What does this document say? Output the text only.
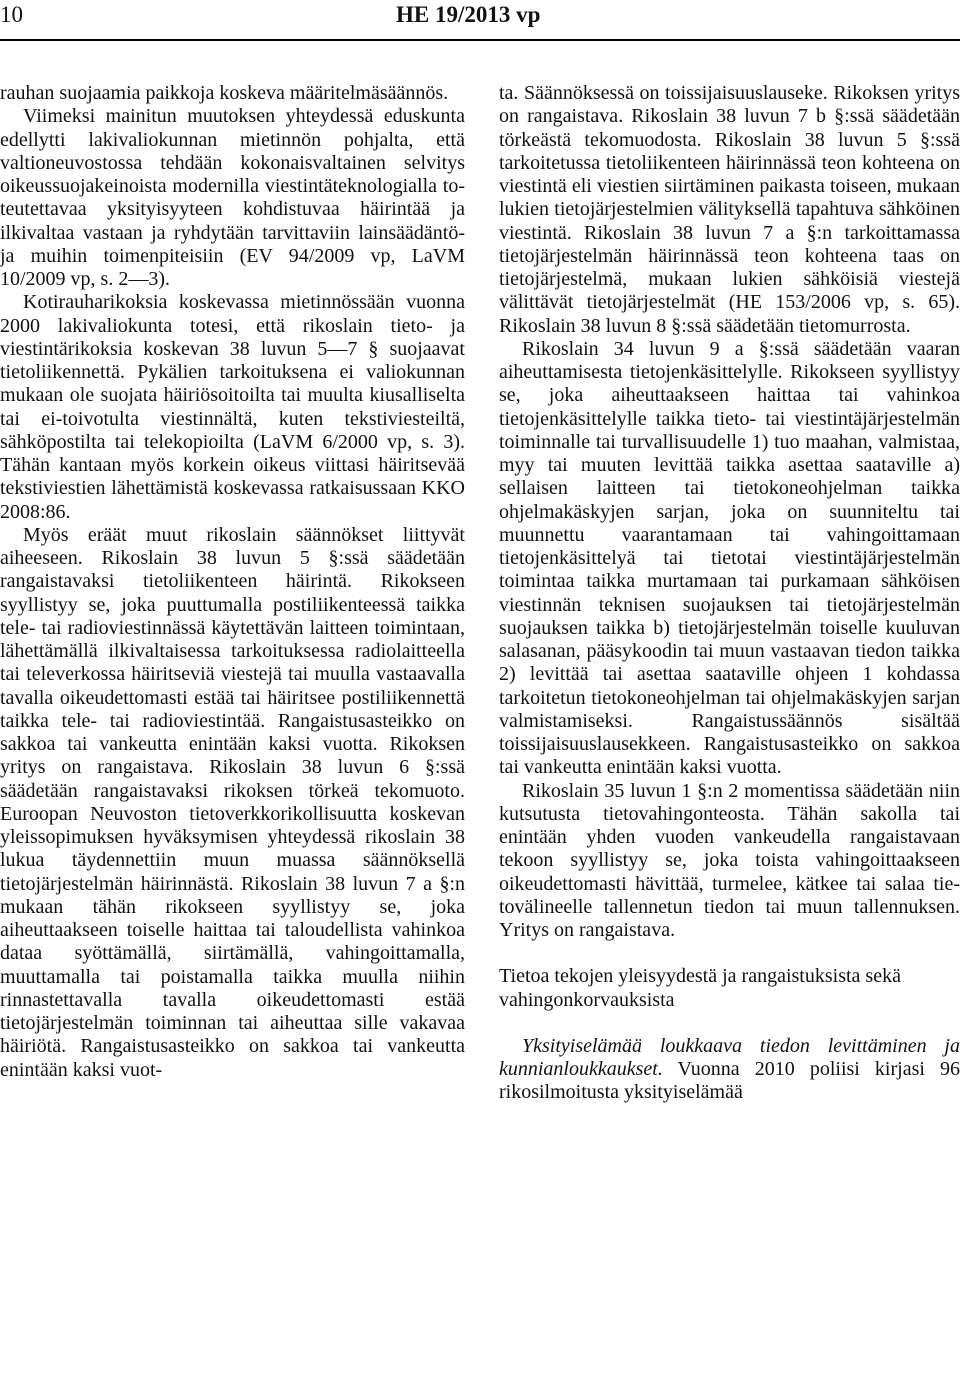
10	HE 19/2013 vp

rauhan suojaamia paikkoja koskeva määritelmäsäännös.

Viimeksi mainitun muutoksen yhteydessä eduskunta edellytti lakivaliokunnan mietinnön pohjalta, että valtioneuvostossa tehdään kokonaisvaltainen selvitys oikeussuojakeinoista modernilla viestintäteknologialla toteutettavaa yksityisyyteen kohdistuvaa häirintää ja ilkivaltaa vastaan ja ryhdytään tarvittaviin lainsäädäntö- ja muihin toimenpiteisiin (EV 94/2009 vp, LaVM 10/2009 vp, s. 2—3).

Kotirauharikoksia koskevassa mietinnössään vuonna 2000 lakivaliokunta totesi, että rikoslain tieto- ja viestintärikoksia koskevan 38 luvun 5—7 § suojaavat tietoliikennettä. Pykälien tarkoituksena ei valiokunnan mukaan ole suojata häiriösoitoilta tai muulta kiusalliselta tai ei-toivotulta viestinnältä, kuten tekstiviesteiltä, sähköpostilta tai telekopioilta (LaVM 6/2000 vp, s. 3). Tähän kantaan myös korkein oikeus viittasi häiritsevää tekstiviestien lähettämistä koskevassa ratkaisussaan KKO 2008:86.

Myös eräät muut rikoslain säännökset liittyvät aiheeseen. Rikoslain 38 luvun 5 §:ssä säädetään rangaistavaksi tietoliikenteen häirintä. Rikokseen syyllistyy se, joka puuttumalla postiliikenteessä taikka tele- tai radioviestinnässä käytettävän laitteen toimintaan, lähettämällä ilkivaltaisessa tarkoituksessa radiolaitteella tai televerkossa häiritseviä viestejä tai muulla vastaavalla tavalla oikeudettomasti estää tai häiritsee postiliikennettä taikka tele- tai radioviestintää. Rangaistusasteikko on sakkoa tai vankeutta enintään kaksi vuotta. Rikoksen yritys on rangaistava. Rikoslain 38 luvun 6 §:ssä säädetään rangaistavaksi rikoksen törkeä tekomuoto. Euroopan Neuvoston tietoverkkorikollisuutta koskevan yleissopimuksen hyväksymisen yhteydessä rikoslain 38 lukua täydennettiin muun muassa säännöksellä tietojärjestelmän häirinnästä. Rikoslain 38 luvun 7 a §:n mukaan tähän rikokseen syyllistyy se, joka aiheuttaakseen toiselle haittaa tai taloudellista vahinkoa dataa syöttämällä, siirtämällä, vahingoittamalla, muuttamalla tai poistamalla taikka muulla niihin rinnastettavalla tavalla oikeudettomasti estää tietojärjestelmän toiminnan tai aiheuttaa sille vakavaa häiriötä. Rangaistusasteikko on sakkoa tai vankeutta enintään kaksi vuot-

ta. Säännöksessä on toissijaisuuslauseke. Rikoksen yritys on rangaistava. Rikoslain 38 luvun 7 b §:ssä säädetään törkeästä tekomuodosta. Rikoslain 38 luvun 5 §:ssä tarkoitetussa tietoliikenteen häirinnässä teon kohteena on viestintä eli viestien siirtäminen paikasta toiseen, mukaan lukien tietojärjestelmien välityksellä tapahtuva sähköinen viestintä. Rikoslain 38 luvun 7 a §:n tarkoittamassa tietojärjestelmän häirinnässä teon kohteena taas on tietojärjestelmä, mukaan lukien sähköisiä viestejä välittävät tietojärjestelmät (HE 153/2006 vp, s. 65). Rikoslain 38 luvun 8 §:ssä säädetään tietomurrosta.

Rikoslain 34 luvun 9 a §:ssä säädetään vaaran aiheuttamisesta tietojenkäsittelylle. Rikokseen syyllistyy se, joka aiheuttaakseen haittaa tai vahinkoa tietojenkäsittelylle taikka tieto- tai viestintäjärjestelmän toiminnalle tai turvallisuudelle 1) tuo maahan, valmistaa, myy tai muuten levittää taikka asettaa saataville a) sellaisen laitteen tai tietokoneohjelman taikka ohjelmakäskyjen sarjan, joka on suunniteltu tai muunnettu vaarantamaan tai vahingoittamaan tietojenkäsittelyä tai tietotai viestintäjärjestelmän toimintaa taikka murtamaan tai purkamaan sähköisen viestinnän teknisen suojauksen tai tietojärjestelmän suojauksen taikka b) tietojärjestelmän toiselle kuuluvan salasanan, pääsykoodin tai muun vastaavan tiedon taikka 2) levittää tai asettaa saataville ohjeen 1 kohdassa tarkoitetun tietokoneohjelman tai ohjelmakäskyjen sarjan valmistamiseksi. Rangaistussäännös sisältää toissijaisuuslausekkeen. Rangaistusasteikko on sakkoa tai vankeutta enintään kaksi vuotta.

Rikoslain 35 luvun 1 §:n 2 momentissa säädetään niin kutsutusta tietovahingonteosta. Tähän sakolla tai enintään yhden vuoden vankeudella rangaistavaan tekoon syyllistyy se, joka toista vahingoittaakseen oikeudettomasti hävittää, turmelee, kätkee tai salaa tietovälineelle tallennetun tiedon tai muun tallennuksen. Yritys on rangaistava.

Tietoa tekojen yleisyydestä ja rangaistuksista sekä vahingonkorvauksista

Yksityiselämää loukkaava tiedon levittäminen ja kunnianloukkaukset. Vuonna 2010 poliisi kirjasi 96 rikosilmoitusta yksityiselämää
